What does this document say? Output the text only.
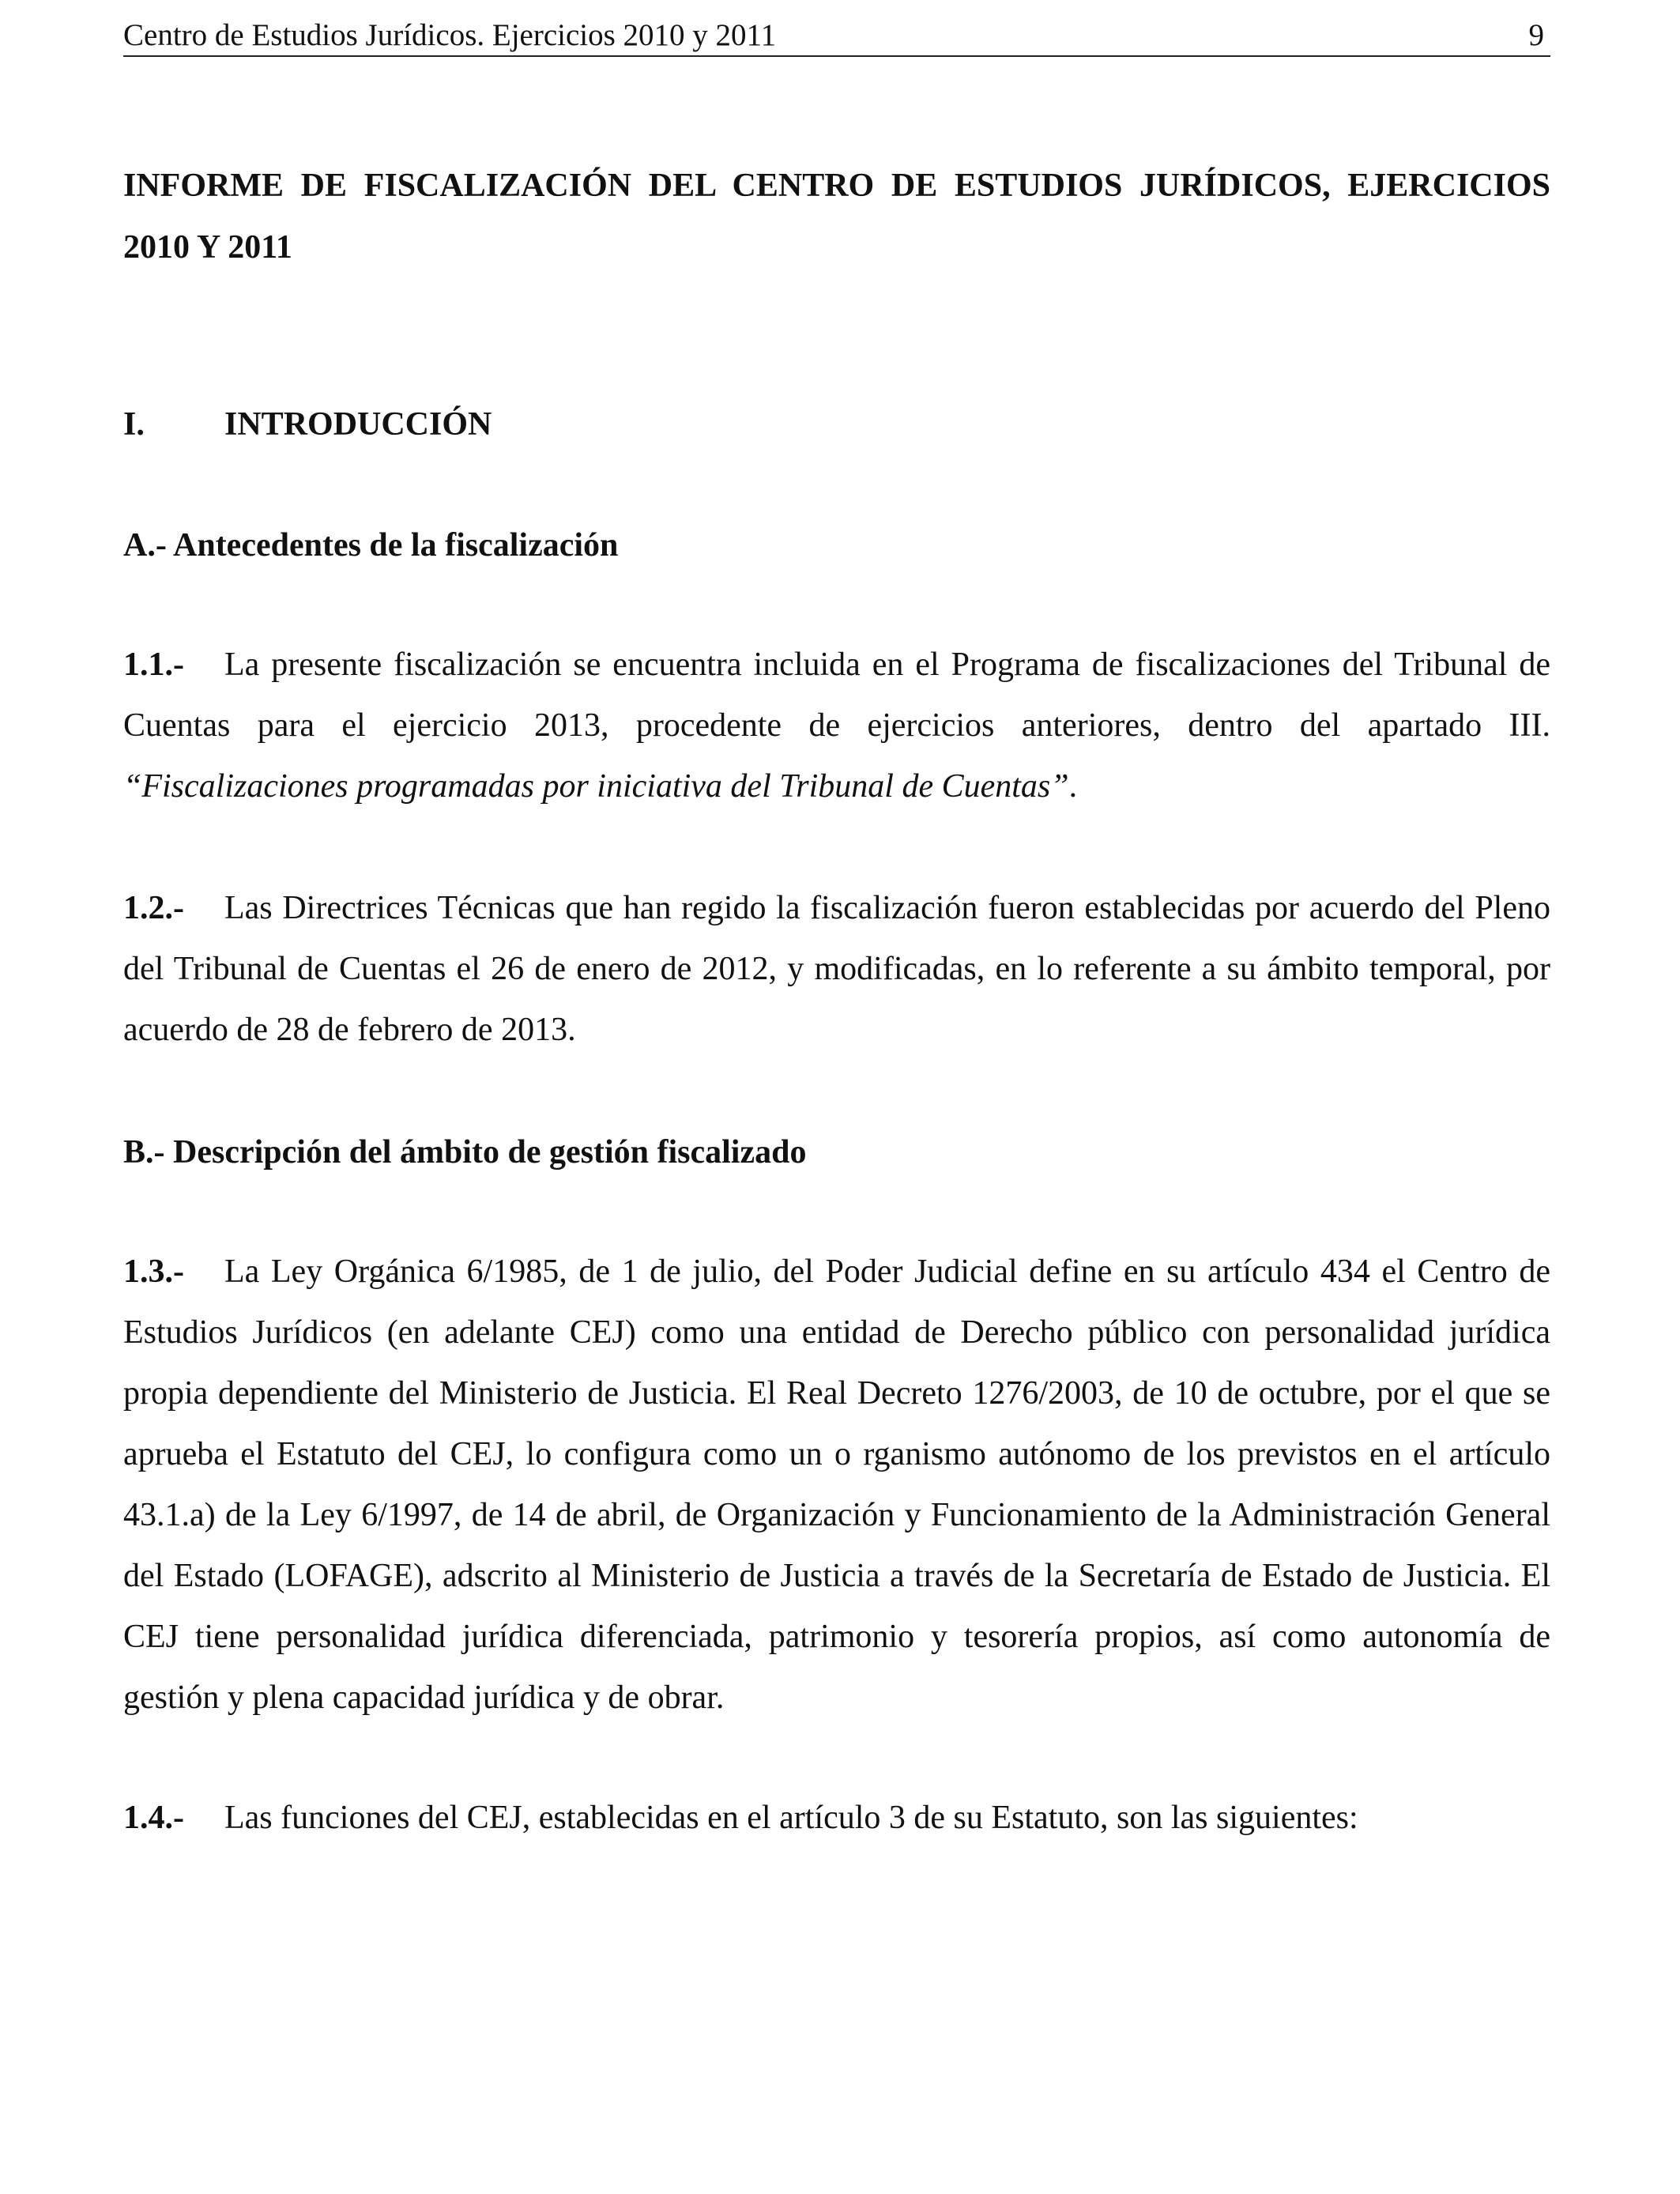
Centro de Estudios Jurídicos. Ejercicios 2010 y 2011	9
INFORME DE FISCALIZACIÓN DEL CENTRO DE ESTUDIOS JURÍDICOS, EJERCICIOS 2010 Y 2011
I. INTRODUCCIÓN
A.- Antecedentes de la fiscalización

1.1.- La presente fiscalización se encuentra incluida en el Programa de fiscalizaciones del Tribunal de Cuentas para el ejercicio 2013, procedente de ejercicios anteriores, dentro del apartado III. “Fiscalizaciones programadas por iniciativa del Tribunal de Cuentas”.

1.2.- Las Directrices Técnicas que han regido la fiscalización fueron establecidas por acuerdo del Pleno del Tribunal de Cuentas el 26 de enero de 2012, y modificadas, en lo referente a su ámbito temporal, por acuerdo de 28 de febrero de 2013.

B.- Descripción del ámbito de gestión fiscalizado

1.3.- La Ley Orgánica 6/1985, de 1 de julio, del Poder Judicial define en su artículo 434 el Centro de Estudios Jurídicos (en adelante CEJ) como una entidad de Derecho público con personalidad jurídica propia dependiente del Ministerio de Justicia. El Real Decreto 1276/2003, de 10 de octubre, por el que se aprueba el Estatuto del CEJ, lo configura como un o rganismo autónomo de los previstos en el artículo 43.1.a) de la Ley 6/1997, de 14 de abril, de Organización y Funcionamiento de la Administración General del Estado (LOFAGE), adscrito al Ministerio de Justicia a través de la Secretaría de Estado de Justicia. El CEJ tiene personalidad jurídica diferenciada, patrimonio y tesorería propios, así como autonomía de gestión y plena capacidad jurídica y de obrar.

1.4.- Las funciones del CEJ, establecidas en el artículo 3 de su Estatuto, son las siguientes:
